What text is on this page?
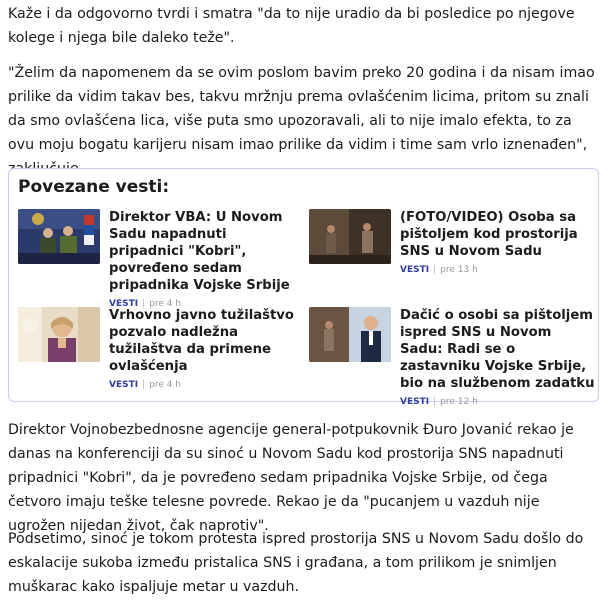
Kaže i da odgovorno tvrdi i smatra "da to nije uradio da bi posledice po njegove kolege i njega bile daleko teže".

"Želim da napomenem da se ovim poslom bavim preko 20 godina i da nisam imao prilike da vidim takav bes, takvu mržnju prema ovlašćenim licima, pritom su znali da smo ovlašćena lica, više puta smo upozoravali, ali to nije imalo efekta, to za ovu moju bogatu karijeru nisam imao prilike da vidim i time sam vrlo iznenađen",

Povezane vesti:
Direktor VBA: U Novom Sadu napadnuti pripadnici "Kobri", povređeno sedam pripadnika Vojske Srbije
VESTI | pre 4 h
(FOTO/VIDEO) Osoba sa pištoljem kod prostorija SNS u Novom Sadu
VESTI | pre 13 h
Vrhovno javno tužilaštvo pozvalo nadležna tužilaštva da primene ovlašćenja
VESTI | pre 4 h
Dačić o osobi sa pištoljem ispred SNS u Novom Sadu: Radi se o zastavniku Vojske Srbije, bio na službenom zadatku
VESTI | pre 12 h

Direktor Vojnobezbednosne agencije general-potpukovnik Đuro Jovanić rekao je danas na konferenciji da su sinoć u Novom Sadu kod prostorija SNS napadnuti pripadnici "Kobri", da je povređeno sedam pripadnika Vojske Srbije, od čega četvoro imaju teške telesne povrede. Rekao je da "pucanjem u vazduh nije ugrožen nijedan život, čak naprotiv".

Podsetimo, sinoć je tokom protesta ispred prostorija SNS u Novom Sadu došlo do eskalacije sukoba između pristalica SNS i građana, a tom prilikom je snimljen muškarac kako ispaljuje metar u vazduh.
